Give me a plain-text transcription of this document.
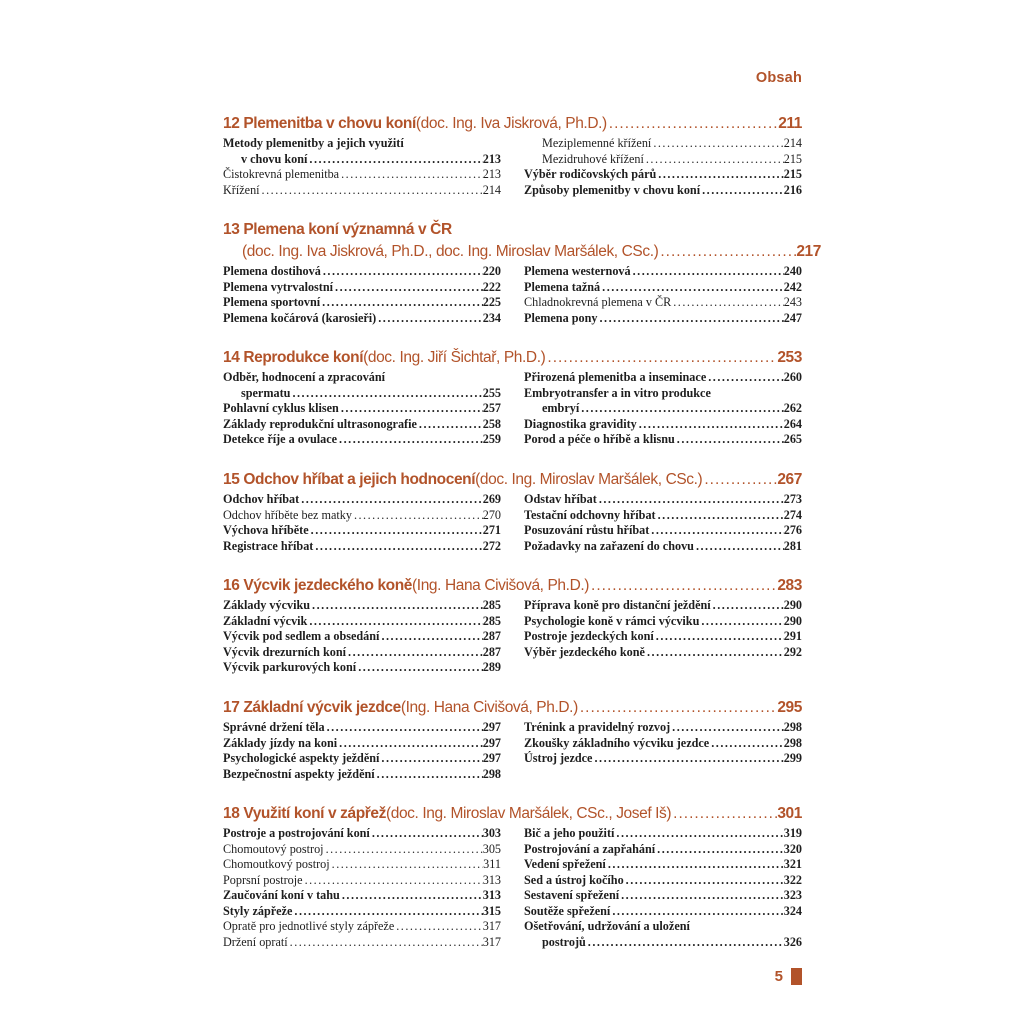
Obsah
12 Plemenitba v chovu koní (doc. Ing. Iva Jiskrová, Ph.D.) .....	211
Metody plemenitby a jejich využití
v chovu koní .....	213
Čistokrevná plemenitba .....	213
Křížení .....	214
Meziplemenné křížení .....	214
Mezidruhové křížení .....	215
Výběr rodičovských párů .....	215
Způsoby plemenitby v chovu koní .....	216
13 Plemena koní významná v ČR
(doc. Ing. Iva Jiskrová, Ph.D., doc. Ing. Miroslav Maršálek, CSc.) .....	217
Plemena dostihová .....	220
Plemena vytrvalostní .....	222
Plemena sportovní .....	225
Plemena kočárová (karosieři) .....	234
Plemena westernová .....	240
Plemena tažná .....	242
Chladnokrevná plemena v ČR .....	243
Plemena pony .....	247
14 Reprodukce koní (doc. Ing. Jiří Šichtař, Ph.D.) .....	253
Odběr, hodnocení a zpracování
spermatu .....	255
Pohlavní cyklus klisen .....	257
Základy reprodukční ultrasonografie .....	258
Detekce říje a ovulace .....	259
Přirozená plemenitba a inseminace .....	260
Embryotransfer a in vitro produkce
embryí .....	262
Diagnostika gravidity .....	264
Porod a péče o hříbě a klisnu .....	265
15 Odchov hříbat a jejich hodnocení (doc. Ing. Miroslav Maršálek, CSc.) .....	267
Odchov hříbat .....	269
Odchov hříběte bez matky .....	270
Výchova hříběte .....	271
Registrace hříbat .....	272
Odstav hříbat .....	273
Testační odchovny hříbat .....	274
Posuzování růstu hříbat .....	276
Požadavky na zařazení do chovu .....	281
16 Výcvik jezdeckého koně (Ing. Hana Civišová, Ph.D.) .....	283
Základy výcviku .....	285
Základní výcvik .....	285
Výcvik pod sedlem a obsedání .....	287
Výcvik drezurních koní .....	287
Výcvik parkurových koní .....	289
Příprava koně pro distanční ježdění .....	290
Psychologie koně v rámci výcviku .....	290
Postroje jezdeckých koní .....	291
Výběr jezdeckého koně .....	292
17 Základní výcvik jezdce (Ing. Hana Civišová, Ph.D.) .....	295
Správné držení těla .....	297
Základy jízdy na koni .....	297
Psychologické aspekty ježdění .....	297
Bezpečnostní aspekty ježdění .....	298
Trénink a pravidelný rozvoj .....	298
Zkoušky základního výcviku jezdce .....	298
Ústroj jezdce .....	299
18 Využití koní v zápřež (doc. Ing. Miroslav Maršálek, CSc., Josef Iš) .....	301
Postroje a postrojování koní .....	303
Chomoutový postroj .....	305
Chomoutkový postroj .....	311
Poprsní postroje .....	313
Zaučování koní v tahu .....	313
Styly zápřeže .....	315
Opratě pro jednotlivé styly zápřeže .....	317
Držení opratí .....	317
Bič a jeho použití .....	319
Postrojování a zapřahání .....	320
Vedení spřežení .....	321
Sed a ústroj kočího .....	322
Sestavení spřežení .....	323
Soutěže spřežení .....	324
Ošetřování, udržování a uložení
postrojů .....	326
5
